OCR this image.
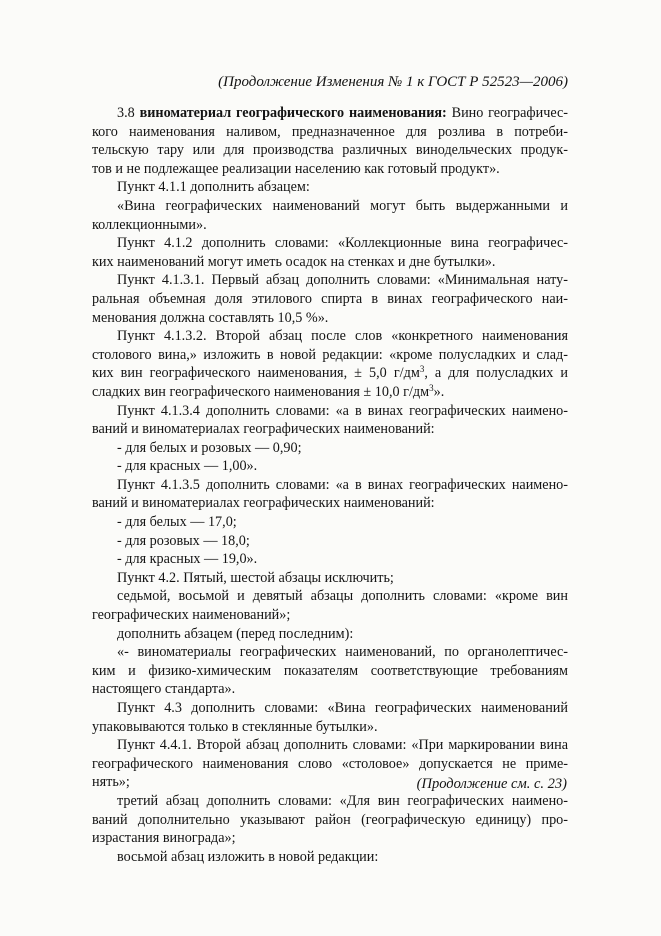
(Продолжение Изменения № 1 к ГОСТ Р 52523—2006)
3.8 виноматериал географического наименования: Вино географичес-
кого наименования наливом, предназначенное для розлива в потреби-
тельскую тару или для производства различных винодельческих продук-
тов и не подлежащее реализации населению как готовый продукт».
Пункт 4.1.1 дополнить абзацем:
«Вина географических наименований могут быть выдержанными и
коллекционными».
Пункт 4.1.2 дополнить словами: «Коллекционные вина географичес-
ких наименований могут иметь осадок на стенках и дне бутылки».
Пункт 4.1.3.1. Первый абзац дополнить словами: «Минимальная нату-
ральная объемная доля этилового спирта в винах географического наи-
менования должна составлять 10,5 %».
Пункт 4.1.3.2. Второй абзац после слов «конкретного наименования
столового вина,» изложить в новой редакции: «кроме полусладких и слад-
ких вин географического наименования, ± 5,0 $г/дм^3$, а для полусладких и
сладких вин географического наименования ± 10,0 $г/дм^3$».
Пункт 4.1.3.4 дополнить словами: «а в винах географических наимено-
ваний и виноматериалах географических наименований:
- для белых и розовых — 0,90;
- для красных — 1,00».
Пункт 4.1.3.5 дополнить словами: «а в винах географических наимено-
ваний и виноматериалах географических наименований:
- для белых — 17,0;
- для розовых — 18,0;
- для красных — 19,0».
Пункт 4.2. Пятый, шестой абзацы исключить;
седьмой, восьмой и девятый абзацы дополнить словами: «кроме вин
географических наименований»;
дополнить абзацем (перед последним):
«- виноматериалы географических наименований, по органолептичес-
ким и физико-химическим показателям соответствующие требованиям
настоящего стандарта».
Пункт 4.3 дополнить словами: «Вина географических наименований
упаковываются только в стеклянные бутылки».
Пункт 4.4.1. Второй абзац дополнить словами: «При маркировании вина
географического наименования слово «столовое» допускается не приме-
нять»;
третий абзац дополнить словами: «Для вин географических наимено-
ваний дополнительно указывают район (географическую единицу) про-
израстания винограда»;
восьмой абзац изложить в новой редакции:
(Продолжение см. с. 23)
